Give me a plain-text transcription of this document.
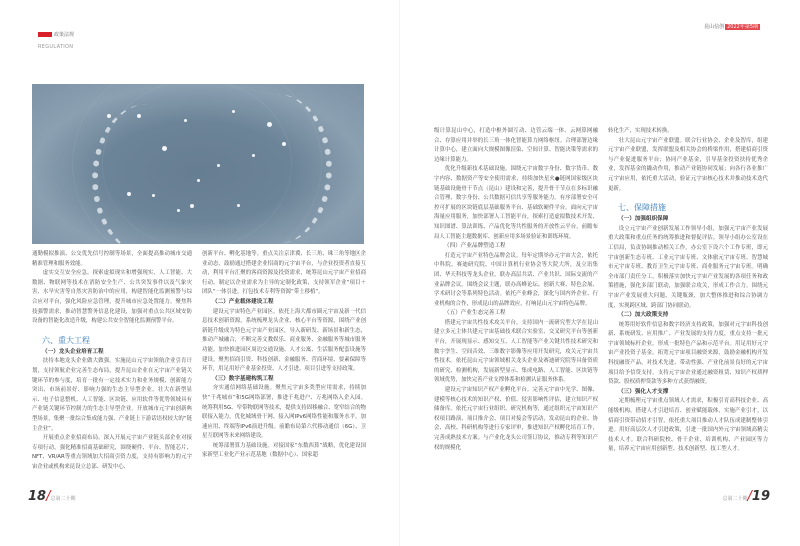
政策法规
REGULATION

通勤模拟推演、公交优先信号控制等场景，全面提高推动城市交通精准管理和服务效能。

虚实交互安全应急。探索虚拟现实和增强现实、人工智能、大数据、物联网等技术在消防安全生产、公共突发事件以及气象灾害、水旱灾害等自然灾害防治中的应用，构建智能化监测预警与综合应对平台，强化风险应急管理，提升城市应急处置能力。聚焦科技强警需求，推动智慧警务信息化建设，加强对重点公共区域安防设备的智能化改造升级，构建公共安全智能化监测预警平台。

六、重大工程
（一）龙头企业培育工程

扶持本地龙头企业做大做强。实施昆山元宇宙领航企业引育计划，支持领航企业完善生态布局，提升昆山企业在元宇宙产业链关键环节的参与度，培育一批有一定技术实力和业务规模、创新能力突出、市场前景好、影响力强的生态主导型企业。壮大在新型显示、电子信息整机、人工智能、区块链、应用软件等优势领域具有产业链关键环节控制力的生态主导型企业。开放城市元宇宙创新典型场景，集聚一批综合集成能力强、产业链上下游话语权较大的“链主企业”。

开展重点企业招商布局。深入开展元宇宙产业链头部企业对接专项行动，强化精准招商基础研究，围绕硬件、平台、智能芯片、NFT、VR/AR等重点领域加大招商引资力度，支持有影响力的元宇宙企业或机构来昆设立总部、研发中心、

创新平台、孵化基地等。重点关注京津冀、长三角、珠三角等地区企业动态，鼓励通过搭建企业招商的元宇宙平台，与企业投资者直接互动，利用平台汇聚的客商资源及投资需求，统筹昆山元宇宙产业招商行动，制定以企业需求为主导的定制化政策，支持领军企业“项目＋团队”一体引进，打包技术专利等资源“带土移植”。

（二）产业载体建设工程

建设元宇宙特色产业园区。依托上海大都市圈元宇宙及新一代信息技术创新资源，系统梳理龙头企业、核心平台等资源，围绕产业创新链升级成为特色元宇宙产业园区，导入新研发、新场景和新生态，推动产城融合，不断完善文教娱乐、商业服务、金融服务等城市服务功能。加快推进园区周边交通设施、人才公寓、生活服务配套设施等建设。聚焦招商引资、科技创新、金融服务、营商环境、要素保障等环节，用足用好产业基金投资、人才引进、项目引进等支持政策。

（三）数字基建构筑工程

夯实通信网络基础设施。聚焦元宇宙多类型应用需求，持续加快“千兆城市”和5G网络部署，推进千兆进户、万兆网络入企入园。统筹利用5G、窄带物联网等技术，提供支持固移融合、宽窄结合的物联接入能力。优化城域骨干网、接入网IPv6网络性能和服务水平，加速应用、终端等IPv6演进升级。前瞻布局第六代移动通信（6G）、卫星互联网等未来网络建设。

统筹部署算力基础设施。对接国家“东数西算”战略，优化建设国家新型工业化产业示范基地（数据中心）、国家超

18/总第二十期
昆山信创 2022年第5期

级计算昆山中心，打造中枢外圆互动、边管云端一体、云网算网融合、存算应用并举的长三角一体化智能算力网络枢纽。合理部署边缘计算中心，建立面向大规模图像渲染、空间计算、智能决策等需求的边缘计算能力。

优化升级新技术基础设施。围绕元宇宙数字身份、数字货币、数字内容、数据资产等安全使用需求，持续加快星火●链网国家级区块链基础设施骨干节点（昆山）建设和完善，提升骨干节点在多标识融合管理、数字身份、公共数据可信共享等服务能力。有序部署安全可控可扩展的区块链底层基础服务平台、基础软硬件平台。面向元宇宙海量应用服务，加快部署人工智能平台，探索打造虚拟数技术开发、知识图谱、算法训练、产品优化等共性服务的开放性云平台，前瞻布局人工智能主题数据库、创新应用多场景验证和训练环境。

（四）产业品牌塑造工程

打造元宇宙产业特色品牌会议。每年定期举办元宇宙大会，依托中科院、赛迪研究院、中国计算机行业协会等大院大所，及立讯集团、华天科技等龙头企业，联办高层共话、产业共识、国际交流的产业品牌会议。围绕会议主题，联办高峰论坛、创新大赛、特色会展、学术研讨会等系列特色活动。依托产业峰会，深化与国内外企业、行业机构的合作，形成昆山的品牌效应，打响昆山元宇宙特色品牌。

（五）产业生态完善工程

搭建元宇宙共性技术攻关平台。支持国内一流研究型大学在昆山建立多元主体共建元宇宙基础技术联合实验室、交叉研究平台等创新平台，开展现显示、感知交互、人工智能等产业关键共性技术研究和数字孪生、空间音效、三维数字影像等应用开发研究，攻关元宇宙共性技术。依托昆山元宇宙领域相关龙头企业及赛迪研究院等具备资质的研究、检测机构，发展新型显示、集成电路、人工智能、区块链等领域优势，加快完善产业支撑体系和检测认证服务体系。

建设元宇宙知识产权产业孵化平台。完善元宇宙中光学、图像、建模等核心技术的知识产权、价值、侵害影响性评估，建立知识产权储备库。依托元宇宙行业组织、研究机构等，通过组织元宇宙知识产权项目路演、项目推介会、项目对接会等活动，发动昆山的企业、协会、高校、科研机构等进行专家评审，推进知识产权孵化培育工作，完善成熟技术方案。与产业化龙头公司签订协议，推动专利等知识产权的规模化

转化生产，实现技术转换。

壮大昆山元宇宙产业联盟。联合行业协会、企业及智库，组建元宇宙产业联盟，发挥联盟及相关协会的桥梁作用，搭建招商引资与产业促进服务平台；协同产业基金，引导基金投资扶持优秀企业，发挥基金的撬动作用，推动产业链协同发展；向各行各业推广元宇宙应用，依托重大活动，验证元宇宙核心技术并推动技术迭代更新。

七、保障措施
（一）加强组织保障

设立元宇宙产业创新发展工作领导小组，加强元宇宙产业发展重大政策和重点任务的统筹推进和督促评估。领导小组办公室设在工信局，负责协调推动相关工作，办公室下设六个工作专班，即元宇宙创新生态专班、工业元宇宙专班、文体旅元宇宙专班、智慧城市元宇宙专班、教育卫生元宇宙专班、商业服务元宇宙专班。明确全市部门责任分工，积极落实加快元宇宙产业发展的各项任务和政策措施，强化多部门联动，加强联合攻关，形成工作合力。围绕元宇宙产业发展重大问题、关键瓶颈，加大整体推进和综合协调力度，实现跨区域、跨部门协同联动。

（二）加大政策支持

统筹用好软件信息和数字经济支持政策，加强对元宇宙科技创新、系统研发、应用推广、产业发展的支持力度，重点支持一批元宇宙领域标杆企业，形成一批特色产品和示范平台。用足用好元宇宙产业投资子基金，拓宽元宇宙项目融资来源，鼓励金融机构开发科技融资产品，对技术先进、带动性强、产业化前景良好的元宇宙项目给予信贷支持。支持元宇宙企业通过融资租赁、知识产权质押贷款、股权质押贷款等多种方式获得融资。

（三）强化人才支撑

定期梳理元宇宙重点领域人才需求，积极引育高科技企业、高能级机构，搭建人才引进培育、创业赋能载体，实施产业引才，以招商引资带动招才引智，依托重大项目推动人才队伍成建制整体引进。用好高层次人才引进政策，引进一批国内外元宇宙领域高精尖技术人才。联合科研院校、骨干企业、培训机构、产业园区等力量，培养元宇宙应用创新型、技术创新型、技工型人才。

总第二十期/19
